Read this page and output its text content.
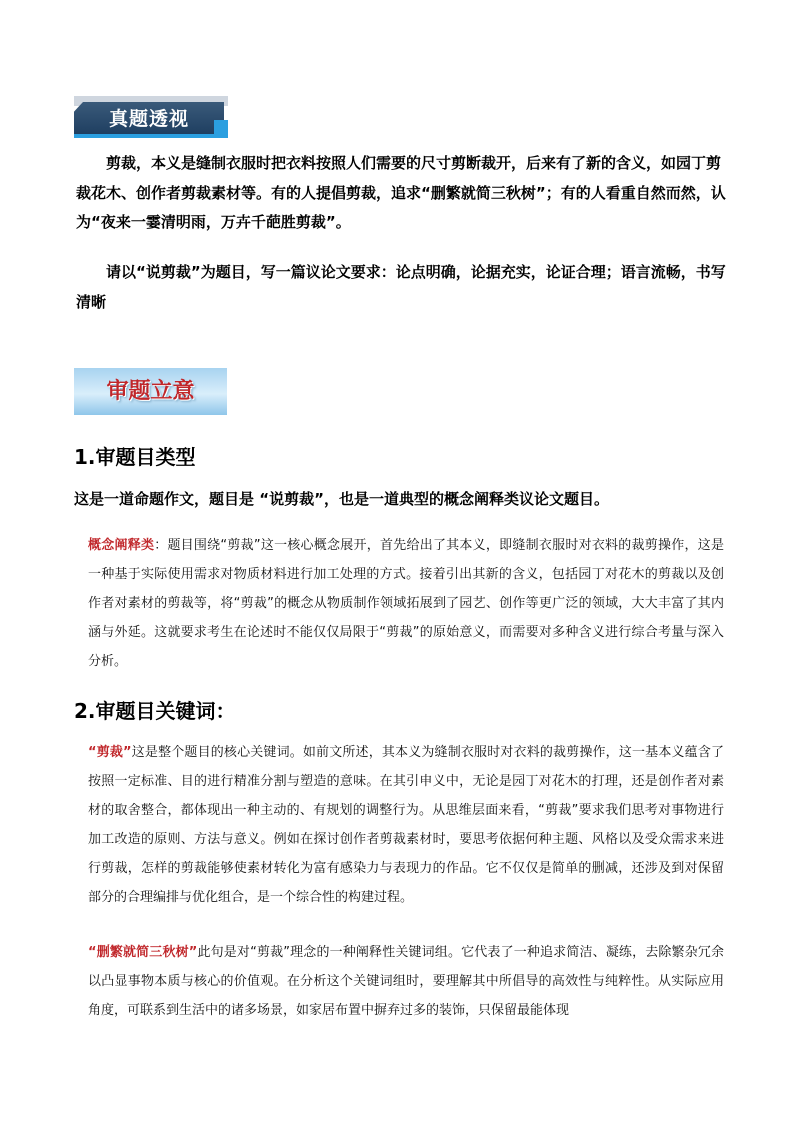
真题透视

剪裁，本义是缝制衣服时把衣料按照人们需要的尺寸剪断裁开，后来有了新的含义，如园丁剪裁花木、创作者剪裁素材等。有的人提倡剪裁，追求“删繁就简三秋树”；有的人看重自然而然，认为“夜来一霎清明雨，万卉千葩胜剪裁”。

请以“说剪裁”为题目，写一篇议论文要求：论点明确，论据充实，论证合理；语言流畅，书写清晰

审题立意
1.审题目类型
这是一道命题作文，题目是 “说剪裁”，也是一道典型的概念阐释类议论文题目。

概念阐释类：题目围绕“剪裁”这一核心概念展开，首先给出了其本义，即缝制衣服时对衣料的裁剪操作，这是一种基于实际使用需求对物质材料进行加工处理的方式。接着引出其新的含义，包括园丁对花木的剪裁以及创作者对素材的剪裁等，将“剪裁”的概念从物质制作领域拓展到了园艺、创作等更广泛的领域，大大丰富了其内涵与外延。这就要求考生在论述时不能仅仅局限于“剪裁”的原始意义，而需要对多种含义进行综合考量与深入分析。

2.审题目关键词：

“剪裁”这是整个题目的核心关键词。如前文所述，其本义为缝制衣服时对衣料的裁剪操作，这一基本义蕴含了按照一定标准、目的进行精准分割与塑造的意味。在其引申义中，无论是园丁对花木的打理，还是创作者对素材的取舍整合，都体现出一种主动的、有规划的调整行为。从思维层面来看，“剪裁”要求我们思考对事物进行加工改造的原则、方法与意义。例如在探讨创作者剪裁素材时，要思考依据何种主题、风格以及受众需求来进行剪裁，怎样的剪裁能够使素材转化为富有感染力与表现力的作品。它不仅仅是简单的删减，还涉及到对保留部分的合理编排与优化组合，是一个综合性的构建过程。

“删繁就简三秋树”此句是对“剪裁”理念的一种阐释性关键词组。它代表了一种追求简洁、凝练，去除繁杂冗余以凸显事物本质与核心的价值观。在分析这个关键词组时，要理解其中所倡导的高效性与纯粹性。从实际应用角度，可联系到生活中的诸多场景，如家居布置中摒弃过多的装饰，只保留最能体现
